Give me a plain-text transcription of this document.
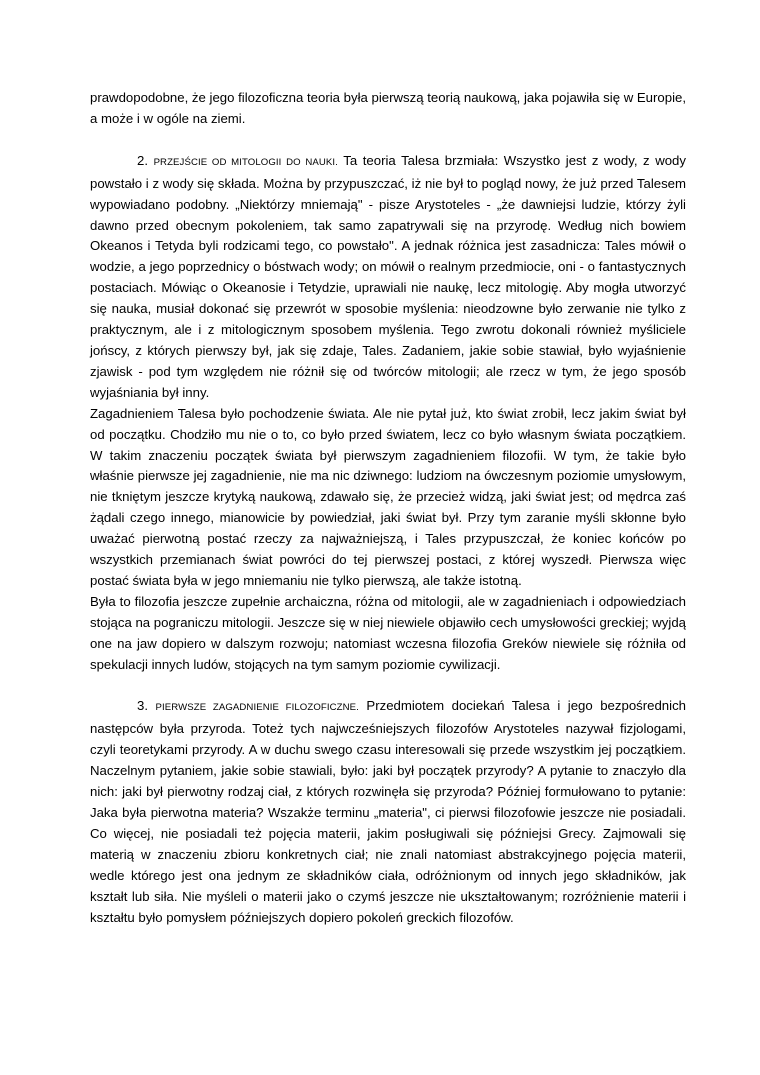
prawdopodobne, że jego filozoficzna teoria była pierwszą teorią naukową, jaka pojawiła się w Europie, a może i w ogóle na ziemi.

2. PRZEJŚCIE OD MITOLOGII DO NAUKI. Ta teoria Talesa brzmiała: Wszystko jest z wody, z wody powstało i z wody się składa. Można by przypuszczać, iż nie był to pogląd nowy, że już przed Talesem wypowiadano podobny. „Niektórzy mniemają" - pisze Arystoteles - „że dawniejsi ludzie, którzy żyli dawno przed obecnym pokoleniem, tak samo zapatrywali się na przyrodę. Według nich bowiem Okeanos i Tetyda byli rodzicami tego, co powstało". A jednak różnica jest zasadnicza: Tales mówił o wodzie, a jego poprzednicy o bóstwach wody; on mówił o realnym przedmiocie, oni - o fantastycznych postaciach. Mówiąc o Okeanosie i Tetydzie, uprawiali nie naukę, lecz mitologię. Aby mogła utworzyć się nauka, musiał dokonać się przewrót w sposobie myślenia: nieodzowne było zerwanie nie tylko z praktycznym, ale i z mitologicznym sposobem myślenia. Tego zwrotu dokonali również myśliciele jońscy, z których pierwszy był, jak się zdaje, Tales. Zadaniem, jakie sobie stawiał, było wyjaśnienie zjawisk - pod tym względem nie różnił się od twórców mitologii; ale rzecz w tym, że jego sposób wyjaśniania był inny.

Zagadnieniem Talesa było pochodzenie świata. Ale nie pytał już, kto świat zrobił, lecz jakim świat był od początku. Chodziło mu nie o to, co było przed światem, lecz co było własnym świata początkiem. W takim znaczeniu początek świata był pierwszym zagadnieniem filozofii. W tym, że takie było właśnie pierwsze jej zagadnienie, nie ma nic dziwnego: ludziom na ówczesnym poziomie umysłowym, nie tkniętym jeszcze krytyką naukową, zdawało się, że przecież widzą, jaki świat jest; od mędrca zaś żądali czego innego, mianowicie by powiedział, jaki świat był. Przy tym zaranie myśli skłonne było uważać pierwotną postać rzeczy za najważniejszą, i Tales przypuszczał, że koniec końców po wszystkich przemianach świat powróci do tej pierwszej postaci, z której wyszedł. Pierwsza więc postać świata była w jego mniemaniu nie tylko pierwszą, ale także istotną.

Była to filozofia jeszcze zupełnie archaiczna, różna od mitologii, ale w zagadnieniach i odpowiedziach stojąca na pograniczu mitologii. Jeszcze się w niej niewiele objawiło cech umysłowości greckiej; wyjdą one na jaw dopiero w dalszym rozwoju; natomiast wczesna filozofia Greków niewiele się różniła od spekulacji innych ludów, stojących na tym samym poziomie cywilizacji.

3. PIERWSZE ZAGADNIENIE FILOZOFICZNE. Przedmiotem dociekań Talesa i jego bezpośrednich następców była przyroda. Toteż tych najwcześniejszych filozofów Arystoteles nazywał fizjologami, czyli teoretykami przyrody. A w duchu swego czasu interesowali się przede wszystkim jej początkiem. Naczelnym pytaniem, jakie sobie stawiali, było: jaki był początek przyrody? A pytanie to znaczyło dla nich: jaki był pierwotny rodzaj ciał, z których rozwinęła się przyroda? Później formułowano to pytanie: Jaka była pierwotna materia? Wszakże terminu „materia", ci pierwsi filozofowie jeszcze nie posiadali. Co więcej, nie posiadali też pojęcia materii, jakim posługiwali się późniejsi Grecy. Zajmowali się materią w znaczeniu zbioru konkretnych ciał; nie znali natomiast abstrakcyjnego pojęcia materii, wedle którego jest ona jednym ze składników ciała, odróżnionym od innych jego składników, jak kształt lub siła. Nie myśleli o materii jako o czymś jeszcze nie ukształtowanym; rozróżnienie materii i kształtu było pomysłem późniejszych dopiero pokoleń greckich filozofów.
